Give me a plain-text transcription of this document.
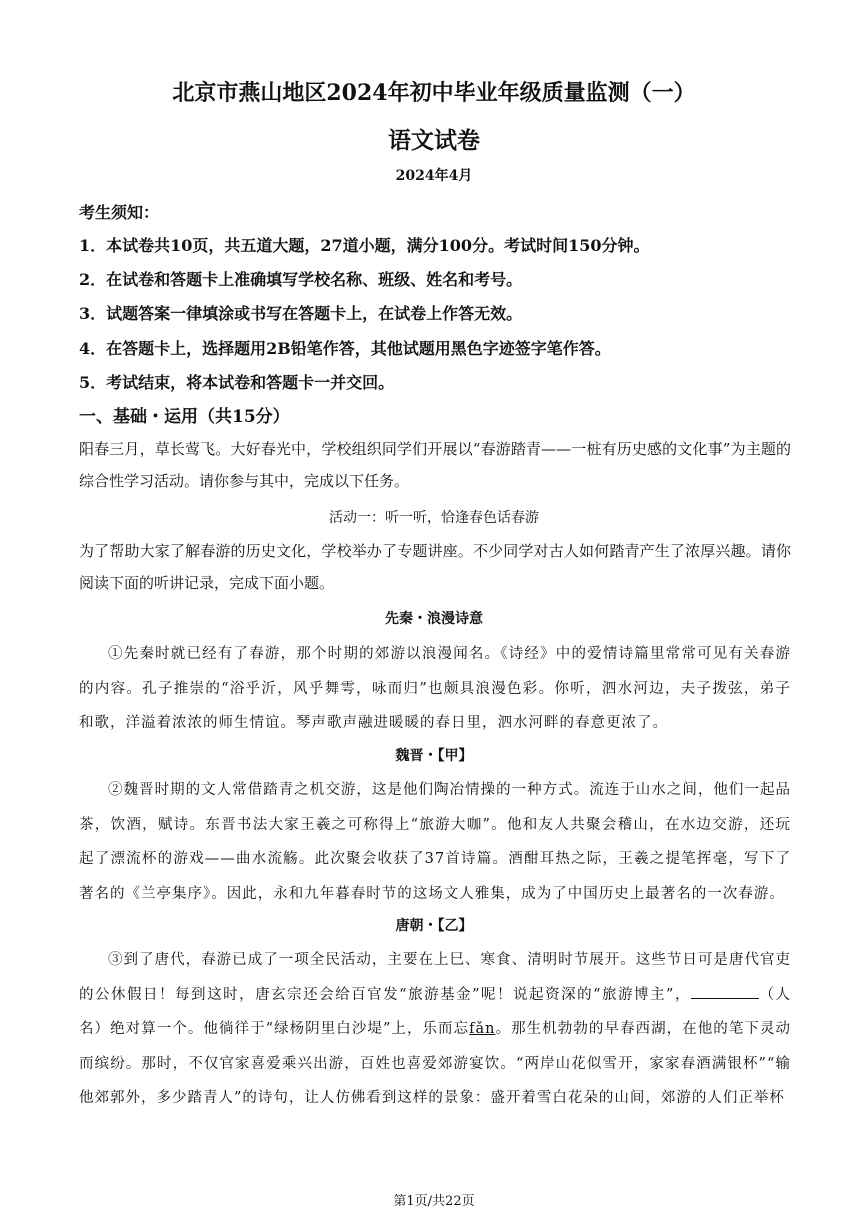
北京市燕山地区2024年初中毕业年级质量监测（一）
语文试卷
2024年4月
考生须知：
1．本试卷共10页，共五道大题，27道小题，满分100分。考试时间150分钟。
2．在试卷和答题卡上准确填写学校名称、班级、姓名和考号。
3．试题答案一律填涂或书写在答题卡上，在试卷上作答无效。
4．在答题卡上，选择题用2B铅笔作答，其他试题用黑色字迹签字笔作答。
5．考试结束，将本试卷和答题卡一并交回。
一、基础・运用（共15分）
阳春三月，草长莺飞。大好春光中，学校组织同学们开展以“春游踏青——一桩有历史感的文化事”为主题的综合性学习活动。请你参与其中，完成以下任务。
活动一：听一听，恰逢春色话春游
为了帮助大家了解春游的历史文化，学校举办了专题讲座。不少同学对古人如何踏青产生了浓厚兴趣。请你阅读下面的听讲记录，完成下面小题。
先秦・浪漫诗意
①先秦时就已经有了春游，那个时期的郊游以浪漫闻名。《诗经》中的爱情诗篇里常常可见有关春游的内容。孔子推崇的“浴乎沂，风乎舞雩，咏而归”也颇具浪漫色彩。你听，泗水河边，夫子拨弦，弟子和歌，洋溢着浓浓的师生情谊。琴声歌声融进暖暖的春日里，泗水河畔的春意更浓了。
魏晋・【甲】
②魏晋时期的文人常借踏青之机交游，这是他们陶冶情操的一种方式。流连于山水之间，他们一起品茶，饮酒，赋诗。东晋书法大家王羲之可称得上“旅游大咖”。他和友人共聚会稽山，在水边交游，还玩起了漂流杯的游戏——曲水流觞。此次聚会收获了37首诗篇。酒酣耳热之际，王羲之提笔挥毫，写下了著名的《兰亭集序》。因此，永和九年暮春时节的这场文人雅集，成为了中国历史上最著名的一次春游。
唐朝・【乙】
③到了唐代，春游已成了一项全民活动，主要在上巳、寒食、清明时节展开。这些节日可是唐代官吏的公休假日！每到这时，唐玄宗还会给百官发“旅游基金”呢！说起资深的“旅游博主”，	（人名）绝对算一个。他徜徉于“绿杨阴里白沙堤”上，乐而忘fǎn。那生机勃勃的早春西湖，在他的笔下灵动而缤纷。那时，不仅官家喜爱乘兴出游，百姓也喜爱郊游宴饮。“两岸山花似雪开，家家春酒满银杯”“输他郊郭外，多少踏青人”的诗句，让人仿佛看到这样的景象：盛开着雪白花朵的山间，郊游的人们正举杯
第1页/共22页
